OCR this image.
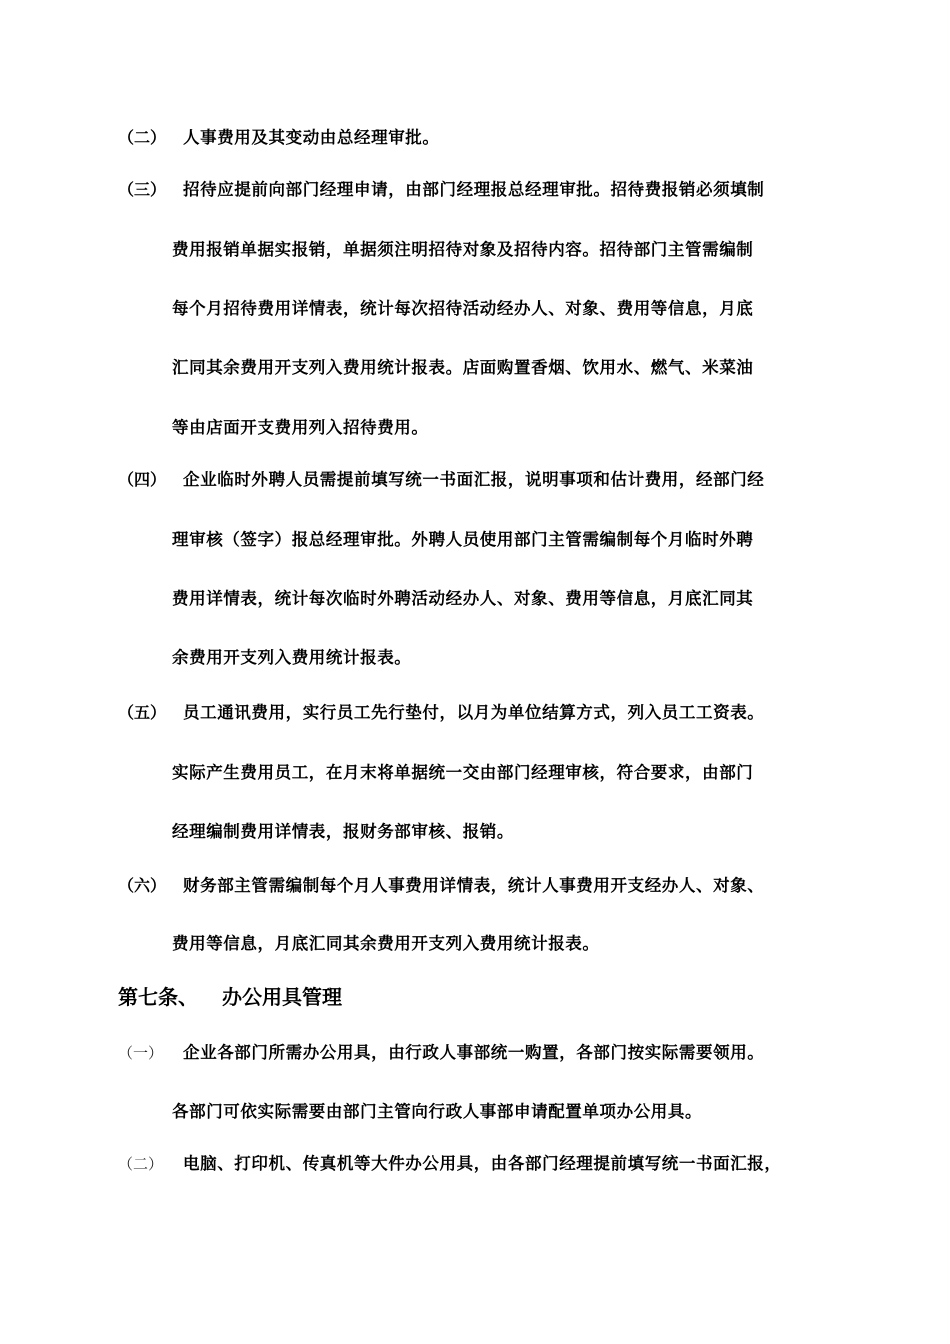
（二） 人事费用及其变动由总经理审批。
（三） 招待应提前向部门经理申请，由部门经理报总经理审批。招待费报销必须填制
费用报销单据实报销，单据须注明招待对象及招待内容。招待部门主管需编制
每个月招待费用详情表，统计每次招待活动经办人、对象、费用等信息，月底
汇同其余费用开支列入费用统计报表。店面购置香烟、饮用水、燃气、米菜油
等由店面开支费用列入招待费用。
（四） 企业临时外聘人员需提前填写统一书面汇报，说明事项和估计费用，经部门经
理审核（签字）报总经理审批。外聘人员使用部门主管需编制每个月临时外聘
费用详情表，统计每次临时外聘活动经办人、对象、费用等信息，月底汇同其
余费用开支列入费用统计报表。
（五） 员工通讯费用，实行员工先行垫付，以月为单位结算方式，列入员工工资表。
实际产生费用员工，在月末将单据统一交由部门经理审核，符合要求，由部门
经理编制费用详情表，报财务部审核、报销。
（六） 财务部主管需编制每个月人事费用详情表，统计人事费用开支经办人、对象、
费用等信息，月底汇同其余费用开支列入费用统计报表。
第七条、 办公用具管理
（一） 企业各部门所需办公用具，由行政人事部统一购置，各部门按实际需要领用。
各部门可依实际需要由部门主管向行政人事部申请配置单项办公用具。
（二） 电脑、打印机、传真机等大件办公用具，由各部门经理提前填写统一书面汇报，
